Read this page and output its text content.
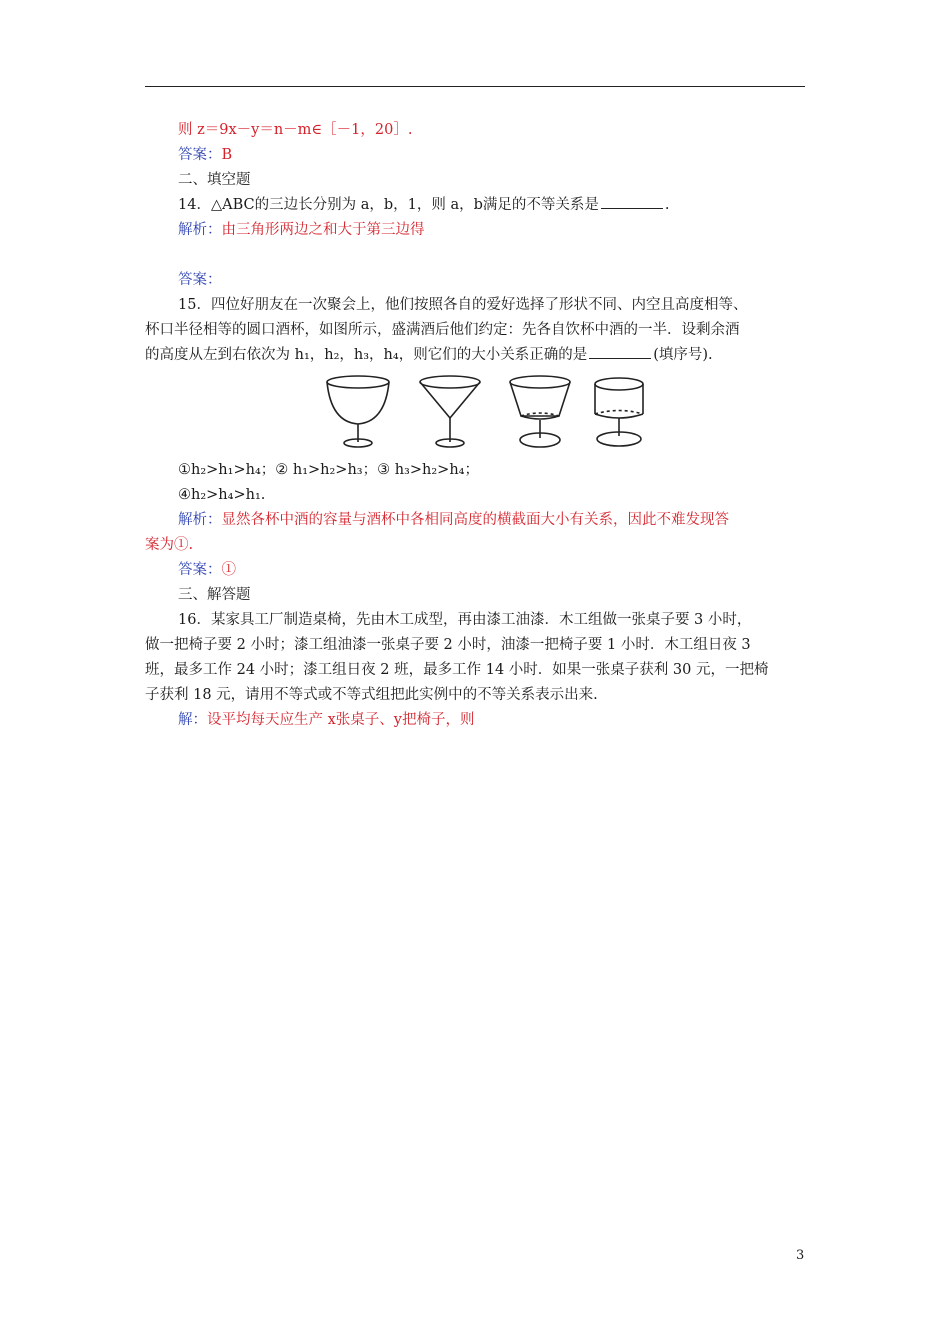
则 z＝9x－y＝n－m∈［－1，20］.
答案：B
二、填空题
14．△ABC的三边长分别为 a，b，1，则 a，b满足的不等关系是	.
解析：由三角形两边之和大于第三边得
答案：
15．四位好朋友在一次聚会上，他们按照各自的爱好选择了形状不同、内空且高度相等、
杯口半径相等的圆口酒杯，如图所示，盛满酒后他们约定：先各自饮杯中酒的一半．设剩余酒
的高度从左到右依次为 h₁，h₂，h₃，h₄，则它们的大小关系正确的是	(填序号).
①h₂>h₁>h₄；② h₁>h₂>h₃；③ h₃>h₂>h₄；
④h₂>h₄>h₁.
解析：显然各杯中酒的容量与酒杯中各相同高度的横截面大小有关系，因此不难发现答
案为①.
答案：①
三、解答题
16．某家具工厂制造桌椅，先由木工成型，再由漆工油漆．木工组做一张桌子要 3 小时，
做一把椅子要 2 小时；漆工组油漆一张桌子要 2 小时，油漆一把椅子要 1 小时．木工组日夜 3
班，最多工作 24 小时；漆工组日夜 2 班，最多工作 14 小时．如果一张桌子获利 30 元，一把椅
子获利 18 元，请用不等式或不等式组把此实例中的不等关系表示出来.
解：设平均每天应生产 x张桌子、y把椅子，则
3
